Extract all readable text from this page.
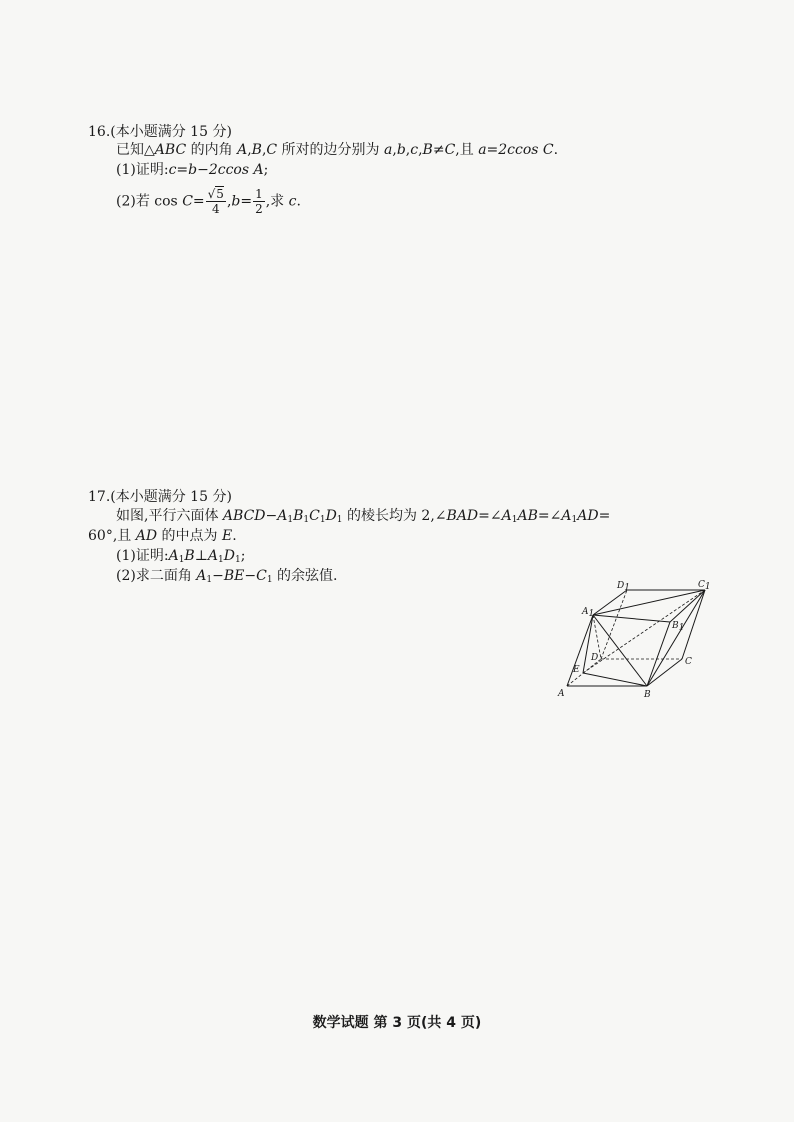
16.(本小题满分 15 分)
已知△ABC 的内角 A,B,C 所对的边分别为 a,b,c,B≠C,且 a=2ccos C.
(1)证明:c=b−2ccos A;
(2)若 $\cos C= \frac{√5}{4} ,b= \frac{1}{2}$ ,求 c.
17.(本小题满分 15 分)
如图,平行六面体 $ABCD-A_1B_1C_1D_1$ 的棱长均为 $2,\angle BAD=\angle A_1AB=\angle A_1AD=$
60°,且 AD 的中点为 E.
(1)证明$:A_1B\perp A_1D_1$;
(2)求二面角 $A_1-BE-C_1$ 的余弦值.
A	B
C
D
E
A1
B1
C1
D1
数学试题 第 3 页(共 4 页)
